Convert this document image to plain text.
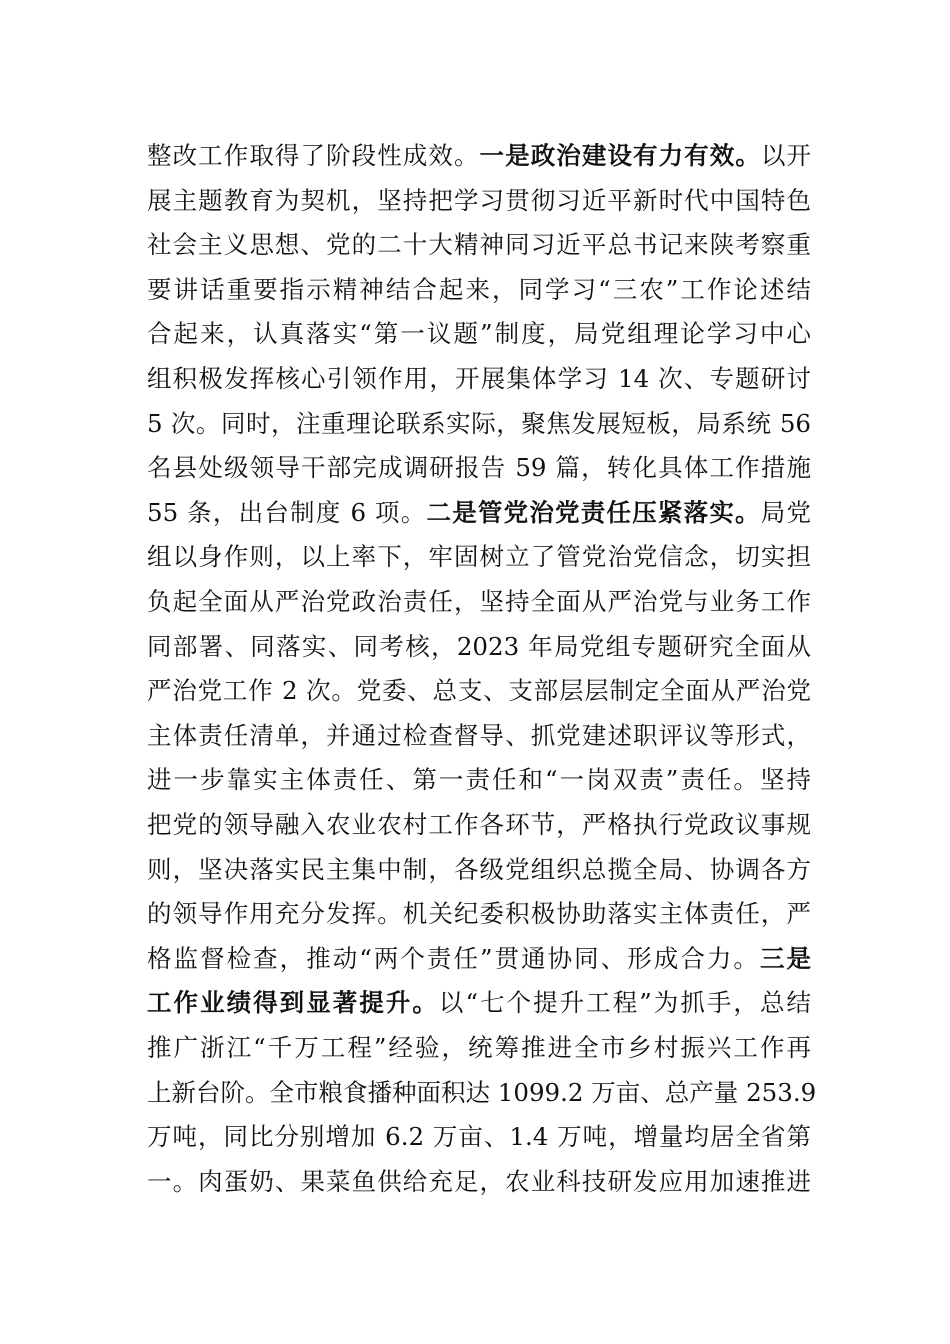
整改工作取得了阶段性成效。一是政治建设有力有效。以开
展主题教育为契机，坚持把学习贯彻习近平新时代中国特色
社会主义思想、党的二十大精神同习近平总书记来陕考察重
要讲话重要指示精神结合起来，同学习“三农”工作论述结
合起来，认真落实“第一议题”制度，局党组理论学习中心
组积极发挥核心引领作用，开展集体学习 14 次、专题研讨
5 次。同时，注重理论联系实际，聚焦发展短板，局系统 56
名县处级领导干部完成调研报告 59 篇，转化具体工作措施
55 条，出台制度 6 项。二是管党治党责任压紧落实。局党
组以身作则，以上率下，牢固树立了管党治党信念，切实担
负起全面从严治党政治责任，坚持全面从严治党与业务工作
同部署、同落实、同考核，2023 年局党组专题研究全面从
严治党工作 2 次。党委、总支、支部层层制定全面从严治党
主体责任清单，并通过检查督导、抓党建述职评议等形式，
进一步靠实主体责任、第一责任和“一岗双责”责任。坚持
把党的领导融入农业农村工作各环节，严格执行党政议事规
则，坚决落实民主集中制，各级党组织总揽全局、协调各方
的领导作用充分发挥。机关纪委积极协助落实主体责任，严
格监督检查，推动“两个责任”贯通协同、形成合力。三是
工作业绩得到显著提升。以“七个提升工程”为抓手，总结
推广浙江“千万工程”经验，统筹推进全市乡村振兴工作再
上新台阶。全市粮食播种面积达 1099.2 万亩、总产量 253.9
万吨，同比分别增加 6.2 万亩、1.4 万吨，增量均居全省第
一。肉蛋奶、果菜鱼供给充足，农业科技研发应用加速推进
